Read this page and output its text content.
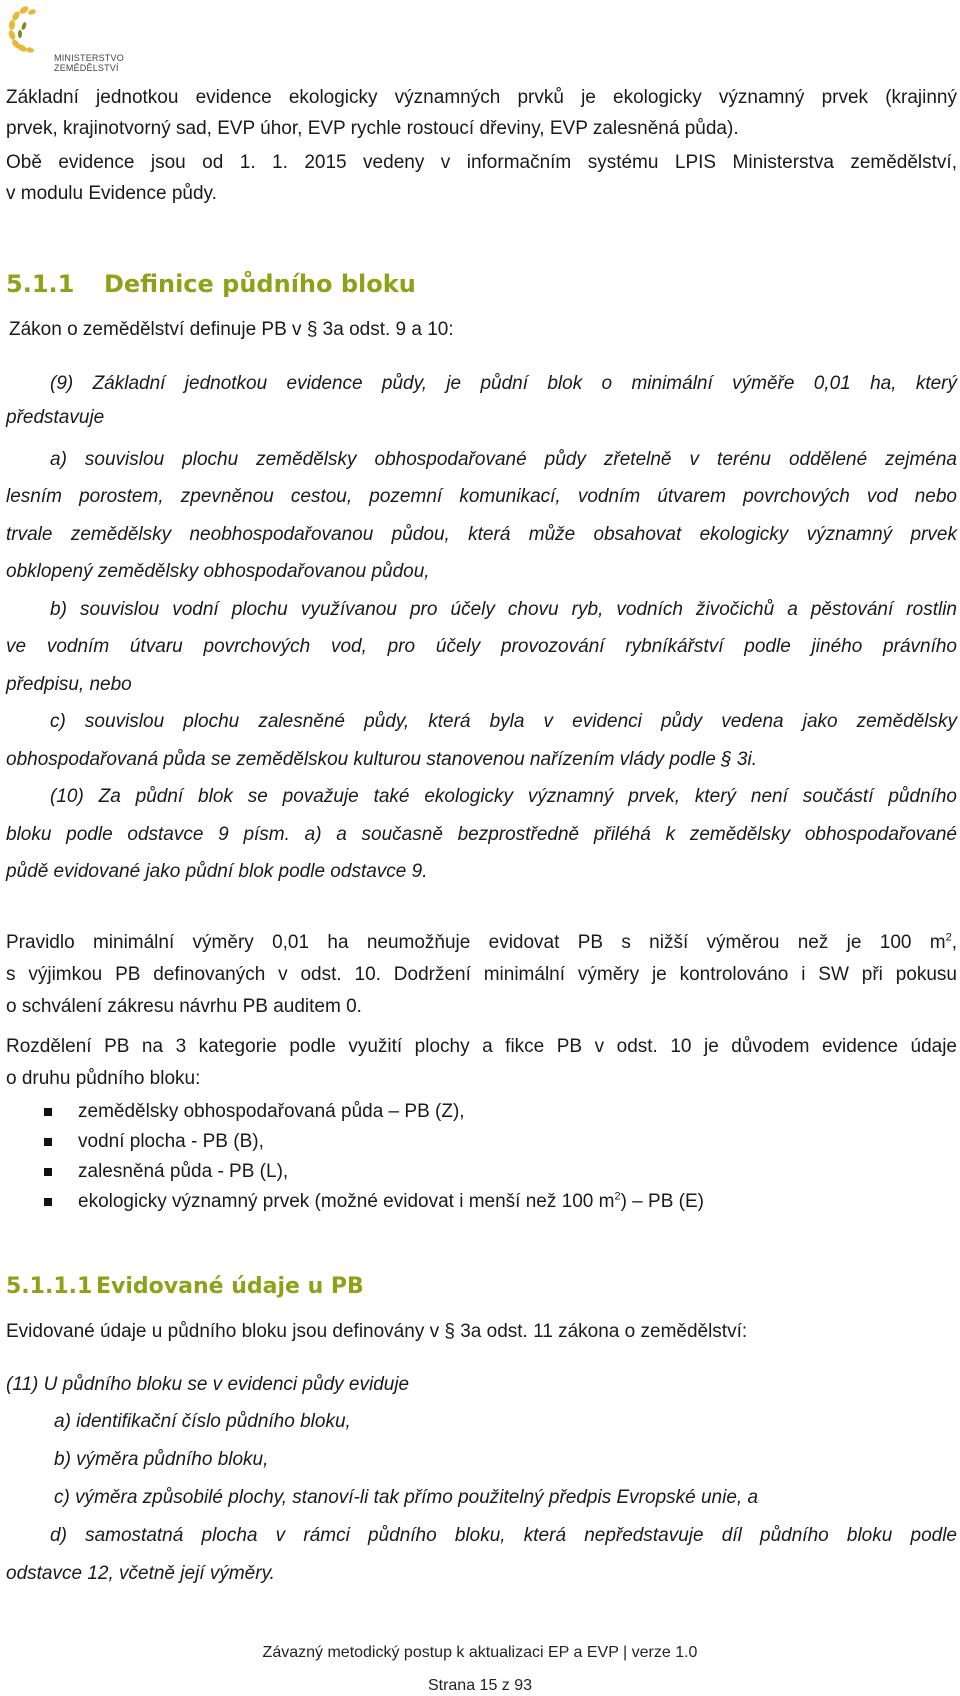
MINISTERSTVO ZEMĚDĚLSTVÍ

Základní jednotkou evidence ekologicky významných prvků je ekologicky významný prvek (krajinný

prvek, krajinotvorný sad, EVP úhor, EVP rychle rostoucí dřeviny, EVP zalesněná půda).

Obě evidence jsou od 1. 1. 2015 vedeny v informačním systému LPIS Ministerstva zemědělství,

v modulu Evidence půdy.

5.1.1 Definice půdního bloku

Zákon o zemědělství definuje PB v § 3a odst. 9 a 10:

(9) Základní jednotkou evidence půdy, je půdní blok o minimální výměře 0,01 ha, který

představuje

a) souvislou plochu zemědělsky obhospodařované půdy zřetelně v terénu oddělené zejména

lesním porostem, zpevněnou cestou, pozemní komunikací, vodním útvarem povrchových vod nebo

trvale zemědělsky neobhospodařovanou půdou, která může obsahovat ekologicky významný prvek

obklopený zemědělsky obhospodařovanou půdou,

b) souvislou vodní plochu využívanou pro účely chovu ryb, vodních živočichů a pěstování rostlin

ve vodním útvaru povrchových vod, pro účely provozování rybníkářství podle jiného právního

předpisu, nebo

c) souvislou plochu zalesněné půdy, která byla v evidenci půdy vedena jako zemědělsky

obhospodařovaná půda se zemědělskou kulturou stanovenou nařízením vlády podle § 3i.

(10) Za půdní blok se považuje také ekologicky významný prvek, který není součástí půdního

bloku podle odstavce 9 písm. a) a současně bezprostředně přiléhá k zemědělsky obhospodařované

půdě evidované jako půdní blok podle odstavce 9.

Pravidlo minimální výměry 0,01 ha neumožňuje evidovat PB s nižší výměrou než je 100 $m^2$,

s výjimkou PB definovaných v odst. 10. Dodržení minimální výměry je kontrolováno i SW při pokusu

o schválení zákresu návrhu PB auditem 0.

Rozdělení PB na 3 kategorie podle využití plochy a fikce PB v odst. 10 je důvodem evidence údaje

o druhu půdního bloku:

zemědělsky obhospodařovaná půda – PB (Z),
vodní plocha - PB (B),
zalesněná půda - PB (L),
ekologicky významný prvek (možné evidovat i menší než 100 $m^2$) – PB (E)
5.1.1.1 Evidované údaje u PB

Evidované údaje u půdního bloku jsou definovány v § 3a odst. 11 zákona o zemědělství:

(11) U půdního bloku se v evidenci půdy eviduje

a) identifikační číslo půdního bloku,

b) výměra půdního bloku,

c) výměra způsobilé plochy, stanoví-li tak přímo použitelný předpis Evropské unie, a

d) samostatná plocha v rámci půdního bloku, která nepředstavuje díl půdního bloku podle

odstavce 12, včetně její výměry.

Závazný metodický postup k aktualizaci EP a EVP | verze 1.0
Strana 15 z 93
